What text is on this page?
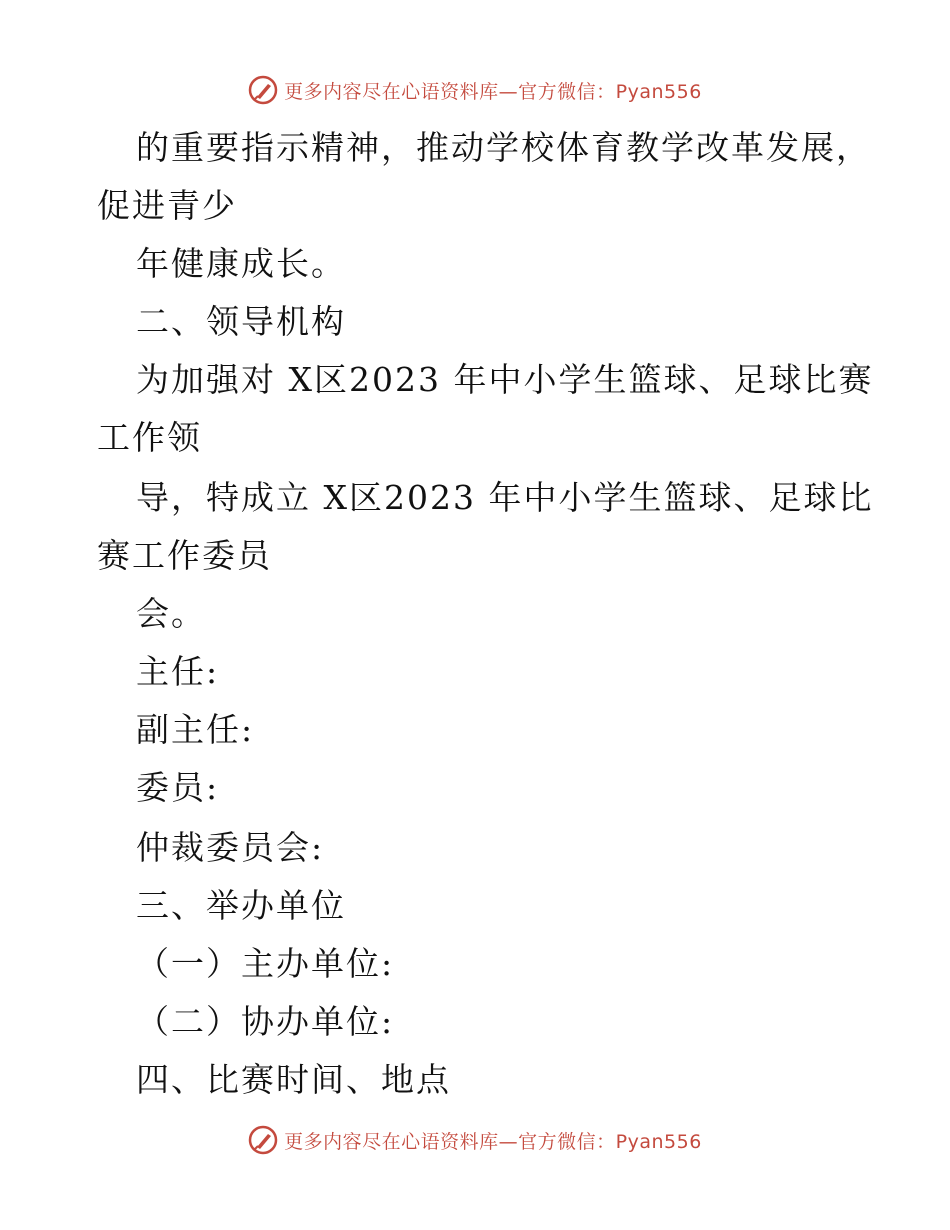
更多内容尽在心语资料库—官方微信：Pyan556
的重要指示精神，推动学校体育教学改革发展，
促进青少
年健康成长。
二、领导机构
为加强对 X区2023 年中小学生篮球、足球比赛
工作领
导，特成立 X区2023 年中小学生篮球、足球比
赛工作委员
会。
主任:
副主任:
委员:
仲裁委员会:
三、举办单位
（一）主办单位:
（二）协办单位:
四、比赛时间、地点
更多内容尽在心语资料库—官方微信：Pyan556
